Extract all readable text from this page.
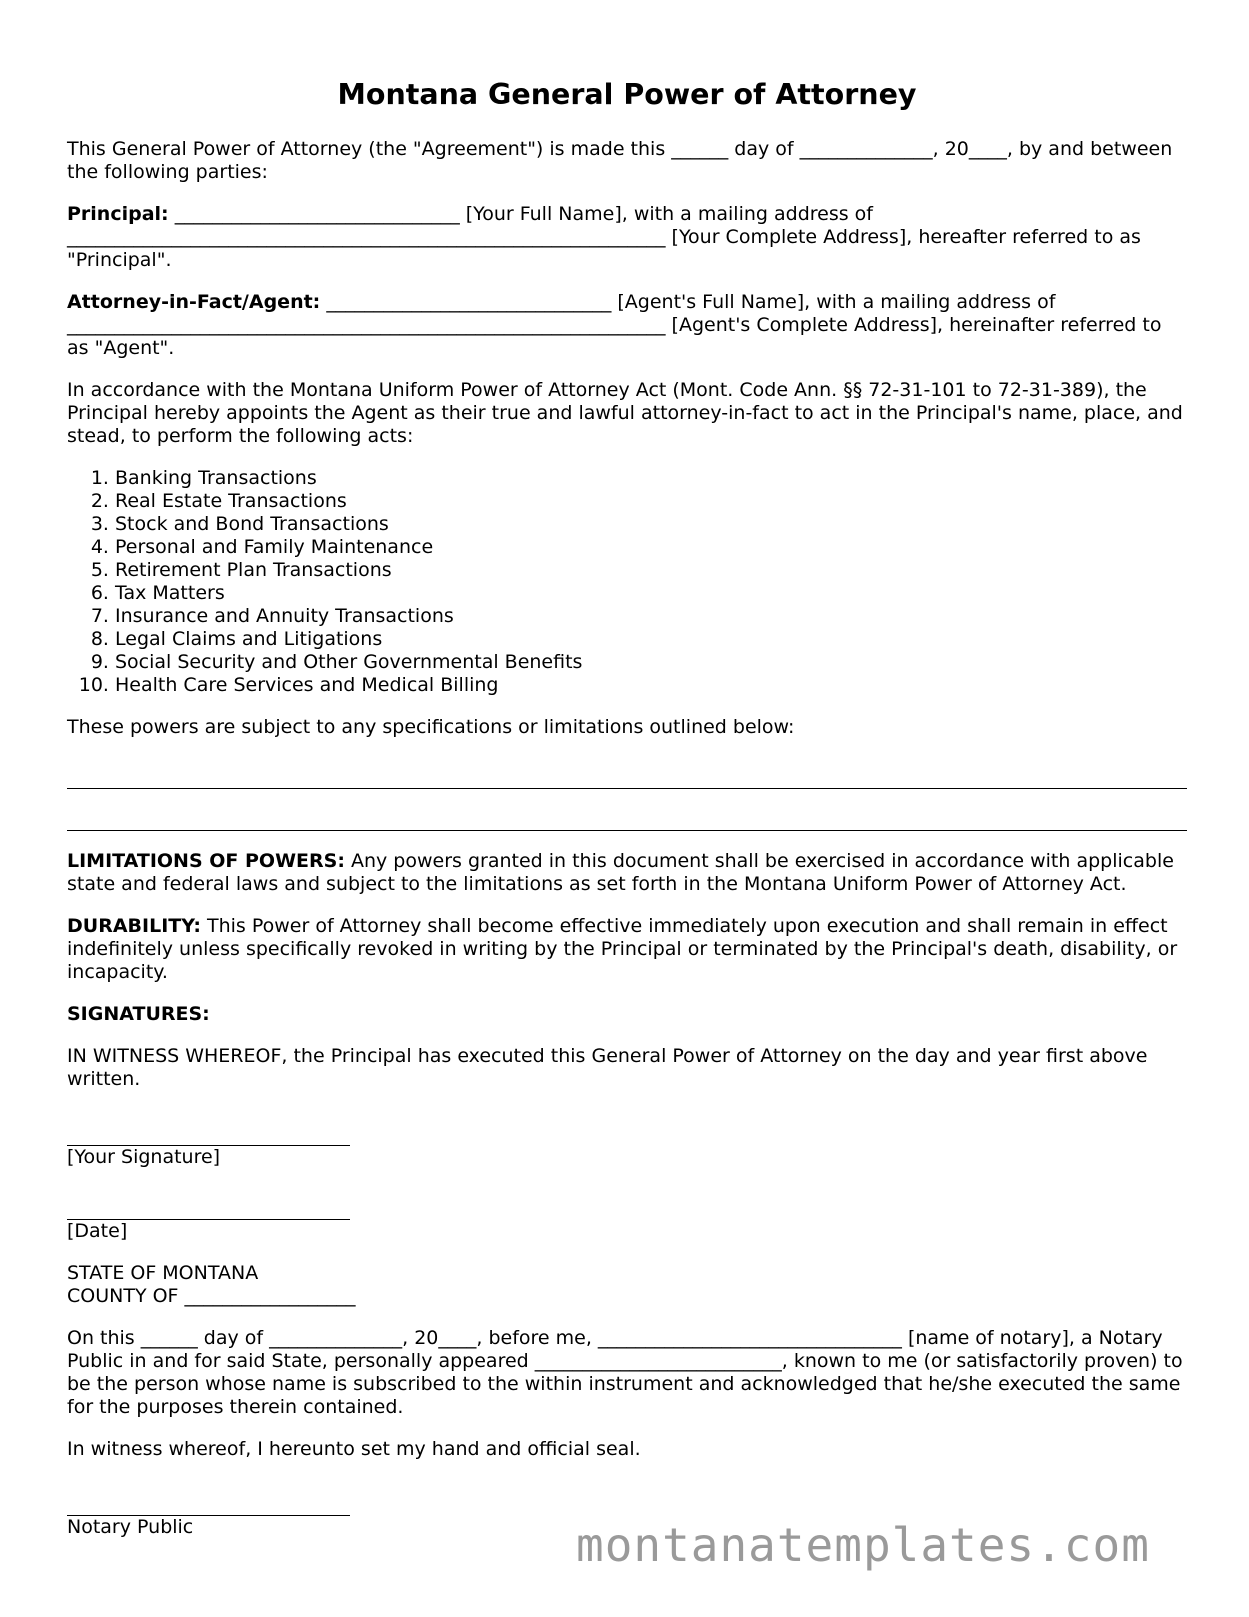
Montana General Power of Attorney

This General Power of Attorney (the "Agreement") is made this ______ day of ______________, 20____, by and between the following parties:

Principal: ______________________________ [Your Full Name], with a mailing address of _______________________________________________________________ [Your Complete Address], hereafter referred to as "Principal".

Attorney-in-Fact/Agent: ______________________________ [Agent's Full Name], with a mailing address of _______________________________________________________________ [Agent's Complete Address], hereinafter referred to as "Agent".

In accordance with the Montana Uniform Power of Attorney Act (Mont. Code Ann. §§ 72-31-101 to 72-31-389), the Principal hereby appoints the Agent as their true and lawful attorney-in-fact to act in the Principal's name, place, and stead, to perform the following acts:

1. Banking Transactions
2. Real Estate Transactions
3. Stock and Bond Transactions
4. Personal and Family Maintenance
5. Retirement Plan Transactions
6. Tax Matters
7. Insurance and Annuity Transactions
8. Legal Claims and Litigations
9. Social Security and Other Governmental Benefits
10. Health Care Services and Medical Billing

These powers are subject to any specifications or limitations outlined below:

LIMITATIONS OF POWERS: Any powers granted in this document shall be exercised in accordance with applicable state and federal laws and subject to the limitations as set forth in the Montana Uniform Power of Attorney Act.

DURABILITY: This Power of Attorney shall become effective immediately upon execution and shall remain in effect indefinitely unless specifically revoked in writing by the Principal or terminated by the Principal's death, disability, or incapacity.

SIGNATURES:

IN WITNESS WHEREOF, the Principal has executed this General Power of Attorney on the day and year first above written.

[Your Signature]
[Date]
STATE OF MONTANA

COUNTY OF __________________

On this ______ day of ______________, 20____, before me, ________________________________ [name of notary], a Notary Public in and for said State, personally appeared __________________________, known to me (or satisfactorily proven) to be the person whose name is subscribed to the within instrument and acknowledged that he/she executed the same for the purposes therein contained.

In witness whereof, I hereunto set my hand and official seal.

Notary Public	montanatemplates.com
